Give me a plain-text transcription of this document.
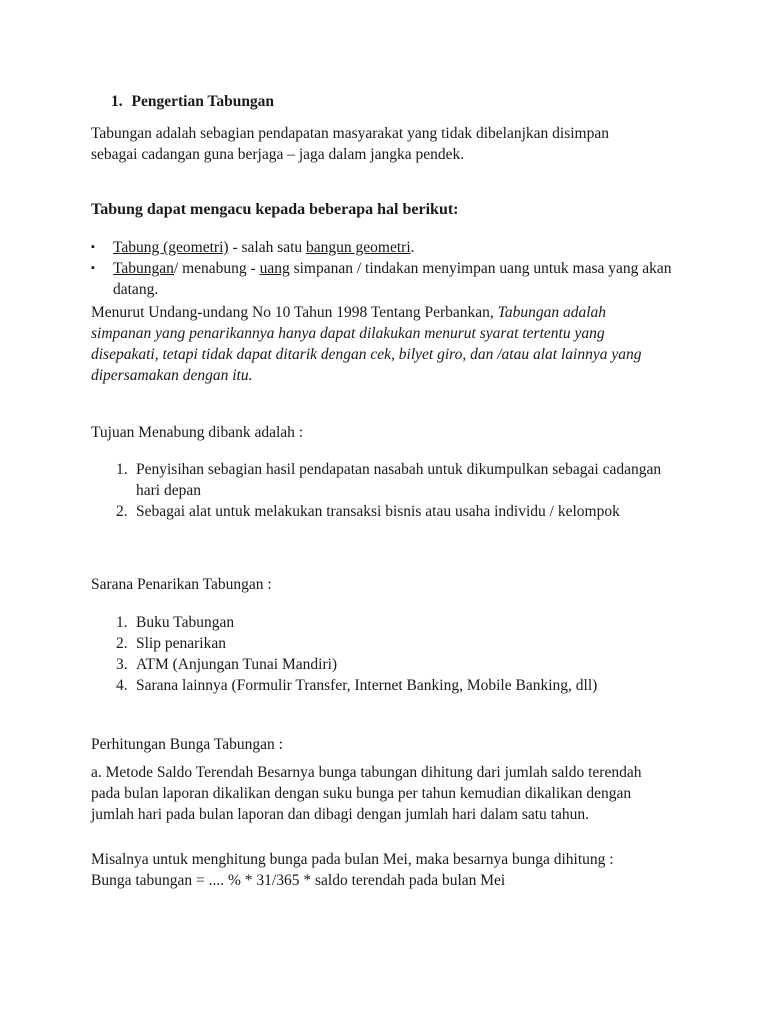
1. Pengertian Tabungan

Tabungan adalah sebagian pendapatan masyarakat yang tidak dibelanjkan disimpan sebagai cadangan guna berjaga – jaga dalam jangka pendek.

Tabung dapat mengacu kepada beberapa hal berikut:

▪ Tabung (geometri) - salah satu bangun geometri.
▪ Tabungan/ menabung - uang simpanan / tindakan menyimpan uang untuk masa yang akan datang.

Menurut Undang-undang No 10 Tahun 1998 Tentang Perbankan, Tabungan adalah simpanan yang penarikannya hanya dapat dilakukan menurut syarat tertentu yang disepakati, tetapi tidak dapat ditarik dengan cek, bilyet giro, dan /atau alat lainnya yang dipersamakan dengan itu.

Tujuan Menabung dibank adalah :

1. Penyisihan sebagian hasil pendapatan nasabah untuk dikumpulkan sebagai cadangan hari depan
2. Sebagai alat untuk melakukan transaksi bisnis atau usaha individu / kelompok

Sarana Penarikan Tabungan :

1. Buku Tabungan
2. Slip penarikan
3. ATM (Anjungan Tunai Mandiri)
4. Sarana lainnya (Formulir Transfer, Internet Banking, Mobile Banking, dll)

Perhitungan Bunga Tabungan :

a. Metode Saldo Terendah Besarnya bunga tabungan dihitung dari jumlah saldo terendah pada bulan laporan dikalikan dengan suku bunga per tahun kemudian dikalikan dengan jumlah hari pada bulan laporan dan dibagi dengan jumlah hari dalam satu tahun.

Misalnya untuk menghitung bunga pada bulan Mei, maka besarnya bunga dihitung : Bunga tabungan = .... % * 31/365 * saldo terendah pada bulan Mei
